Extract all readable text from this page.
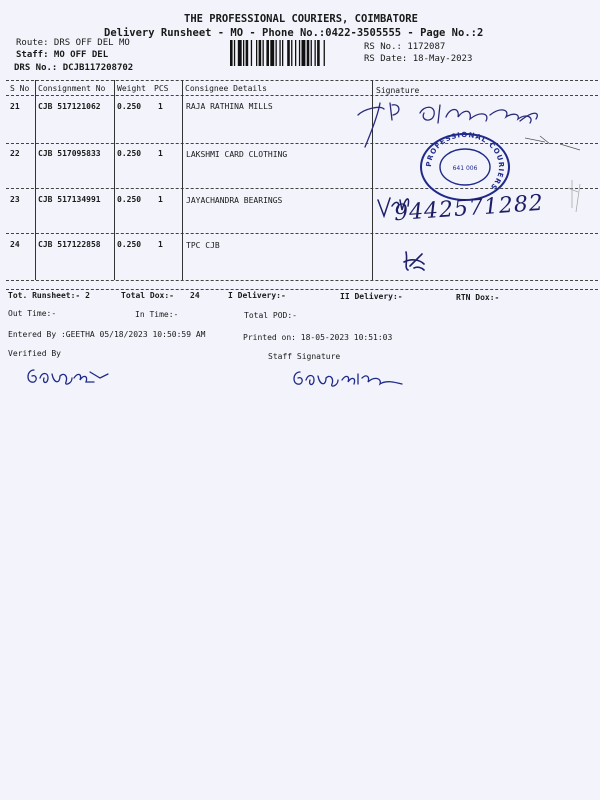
THE PROFESSIONAL COURIERS, COIMBATORE
Delivery Runsheet - MO - Phone No.:0422-3505555 - Page No.:2
Route: DRS OFF DEL MO
Staff: MO OFF DEL
DRS No.: DCJB117208702
RS No.: 1172087
RS Date: 18-May-2023
S No Consignment No Weight PCS Consignee Details	Signature
21 CJB 517121062 0.250 1	RAJA RATHINA MILLS
22 CJB 517095833 0.250 1	LAKSHMI CARD CLOTHING
23 CJB 517134991 0.250 1	JAYACHANDRA BEARINGS
24 CJB 517122858 0.250 1	TPC CJB
PROFESSIONAL COURIERS
641 006
9442571282
Tot. Runsheet:- 2	Total Dox:- 24	I Delivery:-	II Delivery:-	RTN Dox:-
Out Time:-	In Time:-	Total POD:-
Entered By :GEETHA 05/18/2023 10:50:59 AM	Printed on: 18-05-2023 10:51:03
Verified By	Staff Signature
